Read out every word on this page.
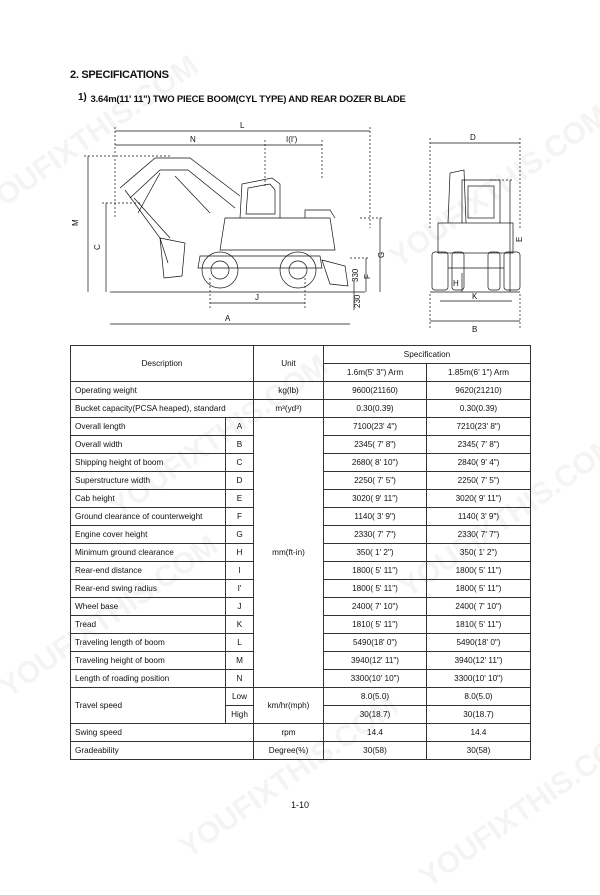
2. SPECIFICATIONS
1) 3.64m(11' 11") TWO PIECE BOOM(CYL TYPE) AND REAR DOZER BLADE
L
N	I(I')	D
M
C
G
F
330
230
J
A
E
H
K
B
Description		Unit	Specification	
			1.6m(5' 3") Arm	1.85m(6' 1") Arm
Operating weight		kg(lb)	9600(21160)	9620(21210)
Bucket capacity(PCSA heaped), standard		m³(yd³)	0.30(0.39)	0.30(0.39)
Overall length	A	mm(ft-in)	7100(23' 4")	7210(23' 8")
Overall width	B		2345( 7' 8")	2345( 7' 8")
Shipping height of boom	C		2680( 8' 10")	2840( 9' 4")
Superstructure width	D		2250( 7' 5")	2250( 7' 5")
Cab height	E		3020( 9' 11")	3020( 9' 11")
Ground clearance of counterweight	F		1140( 3' 9")	1140( 3' 9")
Engine cover height	G		2330( 7' 7")	2330( 7' 7")
Minimum ground clearance	H		350( 1' 2")	350( 1' 2")
Rear-end distance	I		1800( 5' 11")	1800( 5' 11")
Rear-end swing radius	I'		1800( 5' 11")	1800( 5' 11")
Wheel base	J		2400( 7' 10")	2400( 7' 10")
Tread	K		1810( 5' 11")	1810( 5' 11")
Traveling length of boom	L		5490(18' 0")	5490(18' 0")
Traveling height of boom	M		3940(12' 11")	3940(12' 11")
Length of roading position	N		3300(10' 10")	3300(10' 10")
Travel speed	Low	km/hr(mph)	8.0(5.0)	8.0(5.0)
	High		30(18.7)	30(18.7)
Swing speed		rpm	14.4	14.4
Gradeability		Degree(%)	30(58)	30(58)
1-10
